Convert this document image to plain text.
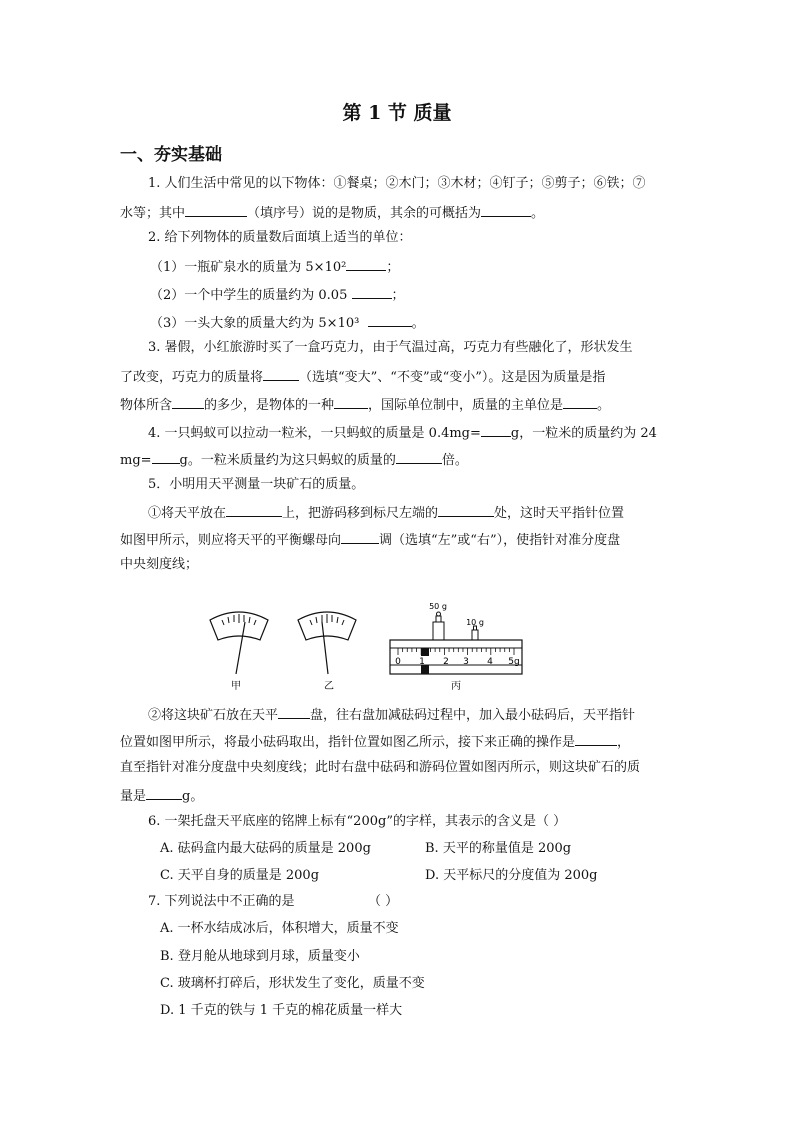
第 1 节 质量
一、夯实基础
1. 人们生活中常见的以下物体：①餐桌；②木门；③木材；④钉子；⑤剪子；⑥铁；⑦
水等；其中	（填序号）说的是物质，其余的可概括为	。
2. 给下列物体的质量数后面填上适当的单位：
（1）一瓶矿泉水的质量为 5×10²	；
（2）一个中学生的质量约为 0.05	；
（3）一头大象的质量大约为 5×10³	。
3. 暑假，小红旅游时买了一盒巧克力，由于气温过高，巧克力有些融化了，形状发生
了改变，巧克力的质量将	（选填“变大”、“不变”或“变小”）。这是因为质量是指
物体所含 的多少，是物体的一种	，国际单位制中，质量的主单位是	。
4. 一只蚂蚁可以拉动一粒米，一只蚂蚁的质量是 0.4mg= g，一粒米的质量约为 24
mg= g。一粒米质量约为这只蚂蚁的质量的	倍。
5．小明用天平测量一块矿石的质量。
①将天平放在	上，把游码移到标尺左端的	处，这时天平指针位置
如图甲所示，则应将天平的平衡螺母向	调（选填“左”或“右”），使指针对准分度盘
中央刻度线；
0 1 2 3 4 5g
50 g
10 g
甲	乙	丙
②将这块矿石放在天平 盘，往右盘加减砝码过程中，加入最小砝码后，天平指针
位置如图甲所示，将最小砝码取出，指针位置如图乙所示，接下来正确的操作是	，
直至指针对准分度盘中央刻度线；此时右盘中砝码和游码位置如图丙所示，则这块矿石的质
量是	g。
6. 一架托盘天平底座的铭牌上标有“200g”的字样，其表示的含义是（ ）
A. 砝码盒内最大砝码的质量是 200g	B. 天平的称量值是 200g
C. 天平自身的质量是 200g	D. 天平标尺的分度值为 200g
7. 下列说法中不正确的是	（ ）
A. 一杯水结成冰后，体积增大，质量不变
B. 登月舱从地球到月球，质量变小
C. 玻璃杯打碎后，形状发生了变化，质量不变
D. 1 千克的铁与 1 千克的棉花质量一样大
